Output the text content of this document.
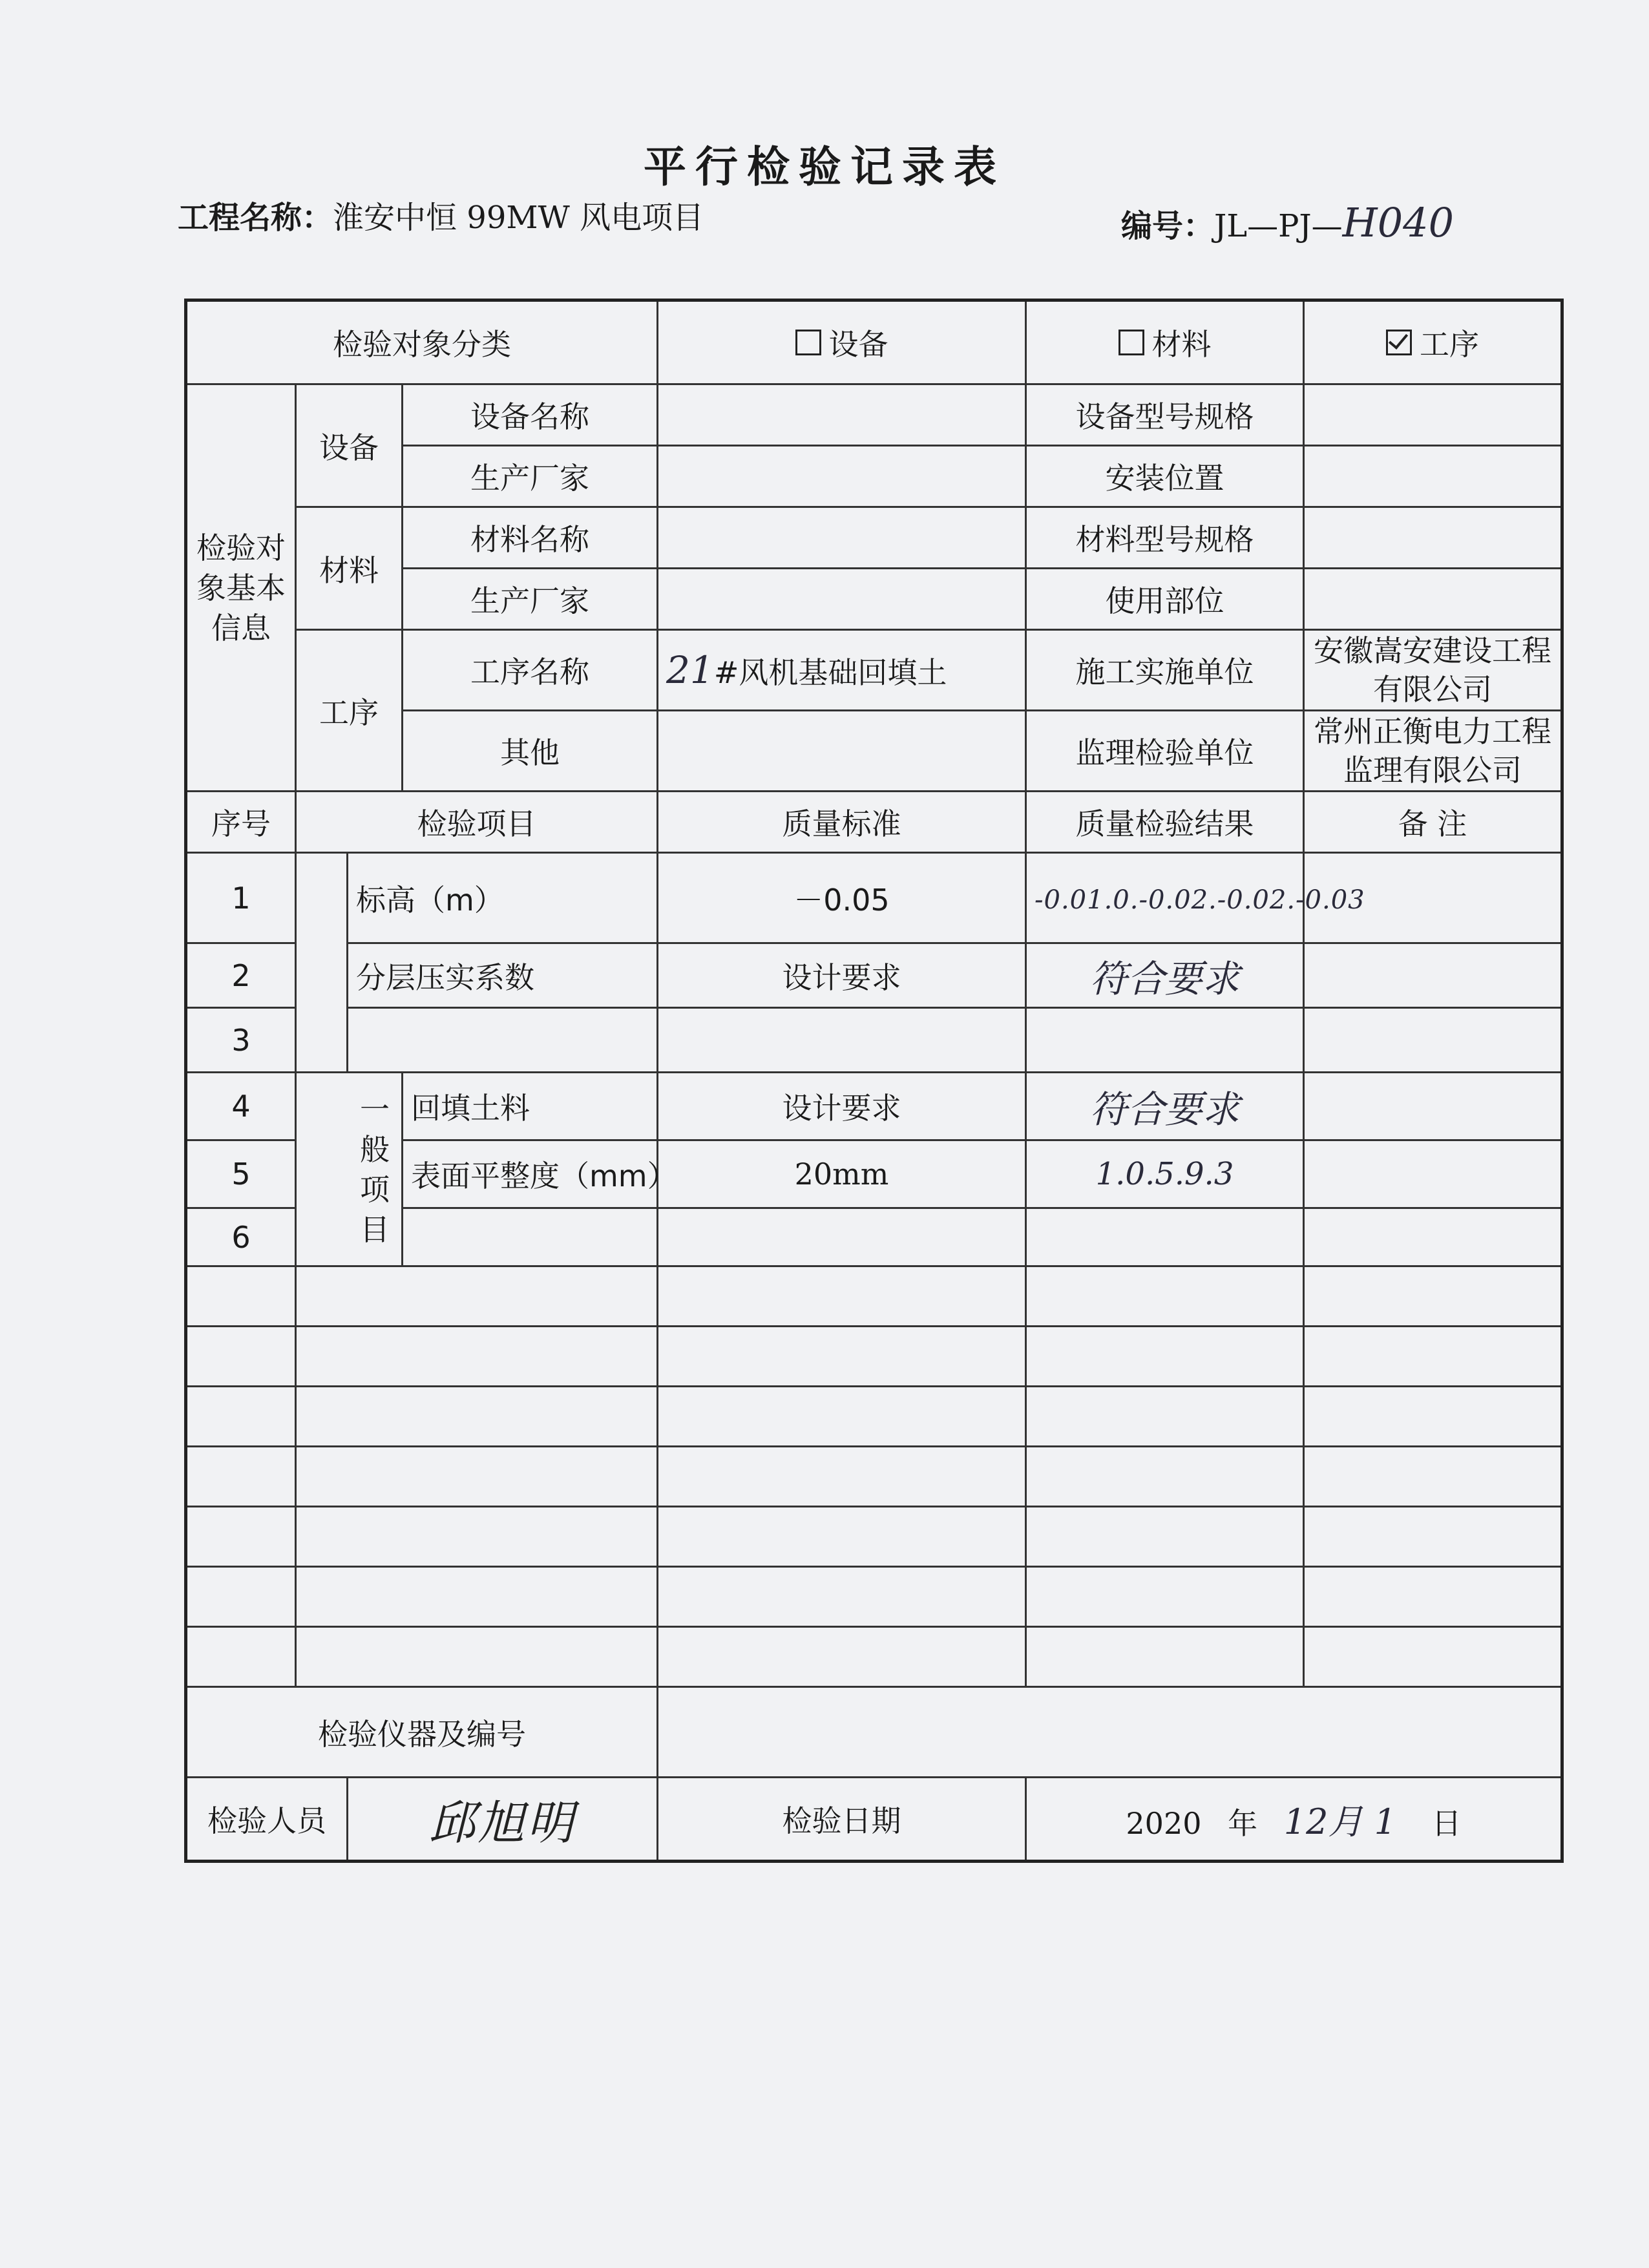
平行检验记录表
工程名称：淮安中恒 99MW 风电项目	编号：JL—PJ—H040
检验对象分类				设备	材料	工序

检验对象基本信息	设备		设备名称		设备型号规格	
			生产厂家		安装位置	
	材料		材料名称		材料型号规格	
			生产厂家		使用部位	
	工序		工序名称	21#风机基础回填土	施工实施单位	安徽嵩安建设工程有限公司
			其他		监理检验单位	常州正衡电力工程监理有限公司
序号	检验项目			质量标准	质量检验结果	备 注
1		标高（m）		－0.05	-0.01.0.-0.02.-0.02.-0.03	
2		分层压实系数		设计要求	符合要求	
3						
4	一般项目		回填土料	设计要求	符合要求	
5			表面平整度（mm）	20mm	1.0.5.9.3	
6						

检验仪器及编号						
检验人员		邱旭明		检验日期	2020 年 12月 1 日	
